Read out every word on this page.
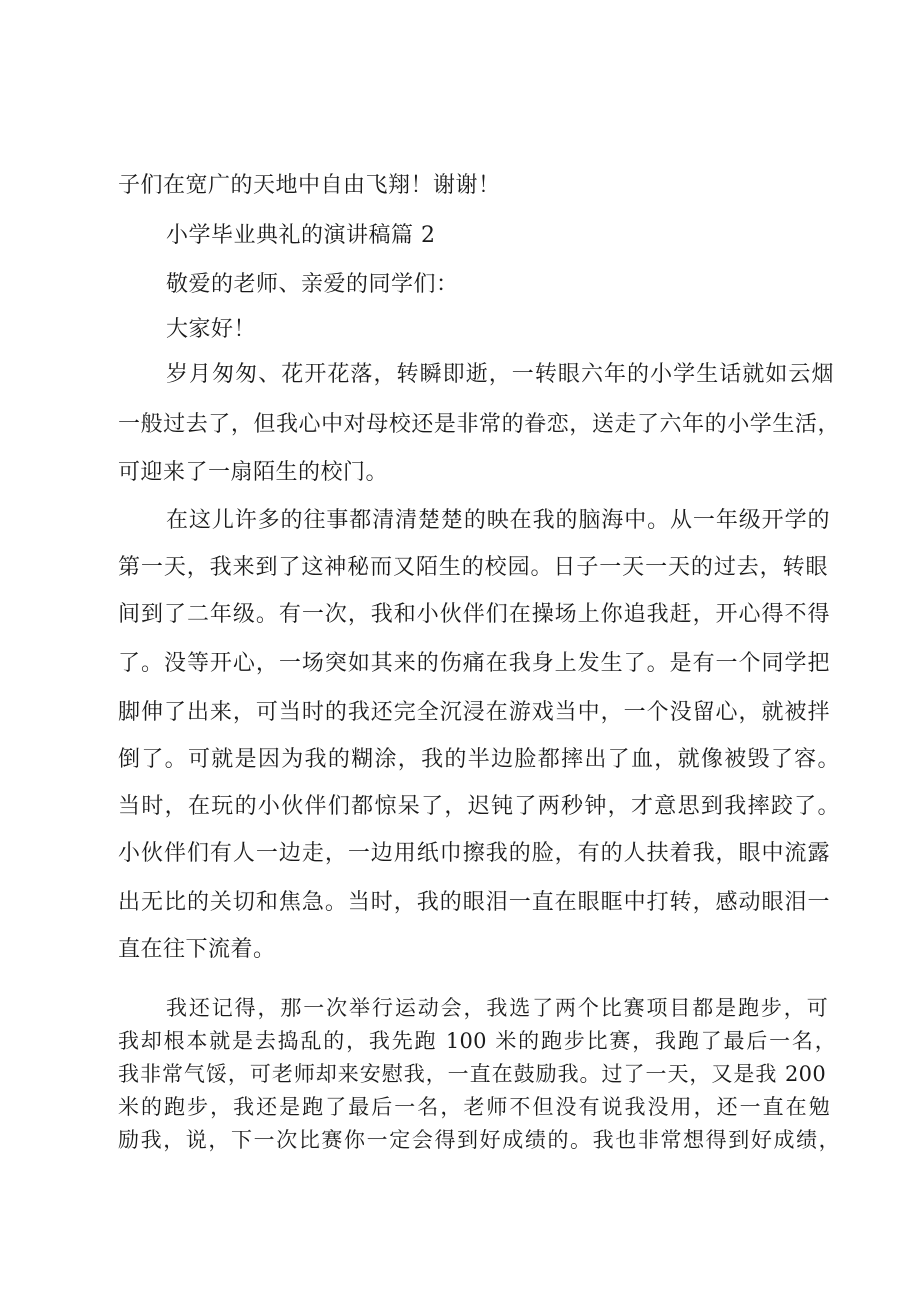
子们在宽广的天地中自由飞翔！谢谢！
小学毕业典礼的演讲稿篇 2
敬爱的老师、亲爱的同学们：
大家好！
岁月匆匆、花开花落，转瞬即逝，一转眼六年的小学生话就如云烟
一般过去了，但我心中对母校还是非常的眷恋，送走了六年的小学生活，
可迎来了一扇陌生的校门。
在这儿许多的往事都清清楚楚的映在我的脑海中。从一年级开学的
第一天，我来到了这神秘而又陌生的校园。日子一天一天的过去，转眼
间到了二年级。有一次，我和小伙伴们在操场上你追我赶，开心得不得
了。没等开心，一场突如其来的伤痛在我身上发生了。是有一个同学把
脚伸了出来，可当时的我还完全沉浸在游戏当中，一个没留心，就被拌
倒了。可就是因为我的糊涂，我的半边脸都摔出了血，就像被毁了容。
当时，在玩的小伙伴们都惊呆了，迟钝了两秒钟，才意思到我摔跤了。
小伙伴们有人一边走，一边用纸巾擦我的脸，有的人扶着我，眼中流露
出无比的关切和焦急。当时，我的眼泪一直在眼眶中打转，感动眼泪一
直在往下流着。
我还记得，那一次举行运动会，我选了两个比赛项目都是跑步，可
我却根本就是去捣乱的，我先跑 100 米的跑步比赛，我跑了最后一名，
我非常气馁，可老师却来安慰我，一直在鼓励我。过了一天，又是我 200
米的跑步，我还是跑了最后一名，老师不但没有说我没用，还一直在勉
励我，说，下一次比赛你一定会得到好成绩的。我也非常想得到好成绩，
